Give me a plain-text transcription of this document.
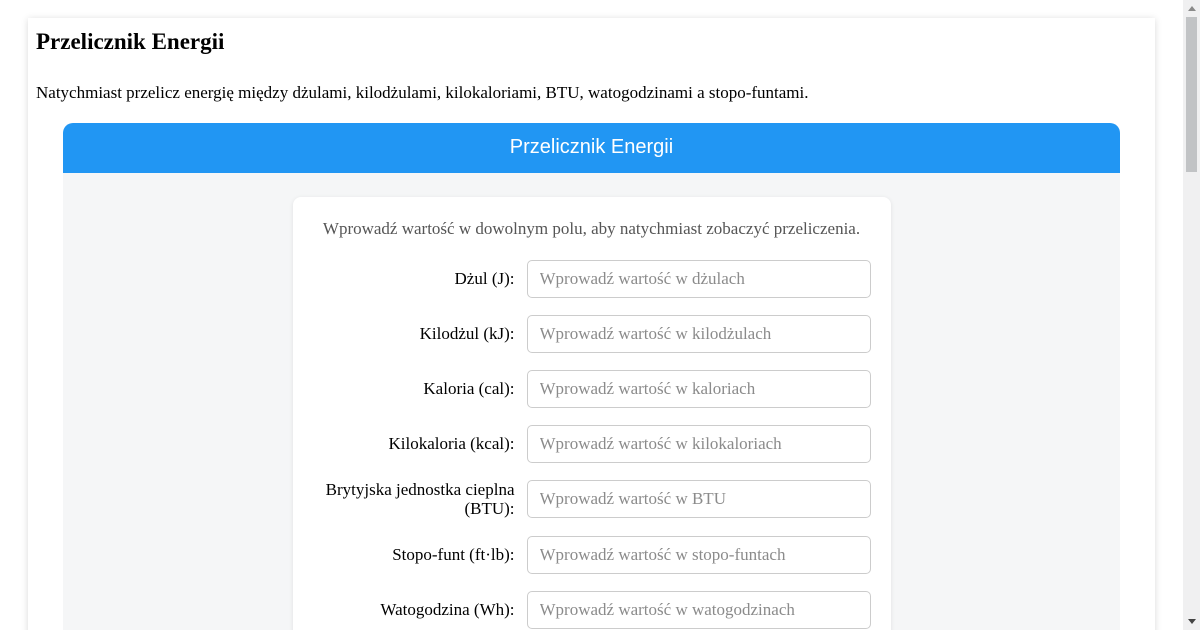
Przelicznik Energii

Natychmiast przelicz energię między dżulami, kilodżulami, kilokaloriami, BTU, watogodzinami a stopo-funtami.

Przelicznik Energii

Wprowadź wartość w dowolnym polu, aby natychmiast zobaczyć przeliczenia.

Dżul (J):
Wprowadź wartość w dżulach
Kilodżul (kJ):
Wprowadź wartość w kilodżulach
Kaloria (cal):
Wprowadź wartość w kaloriach
Kilokaloria (kcal):
Wprowadź wartość w kilokaloriach
Brytyjska jednostka cieplna (BTU):
Wprowadź wartość w BTU
Stopo-funt (ft·lb):
Wprowadź wartość w stopo-funtach
Watogodzina (Wh):
Wprowadź wartość w watogodzinach
